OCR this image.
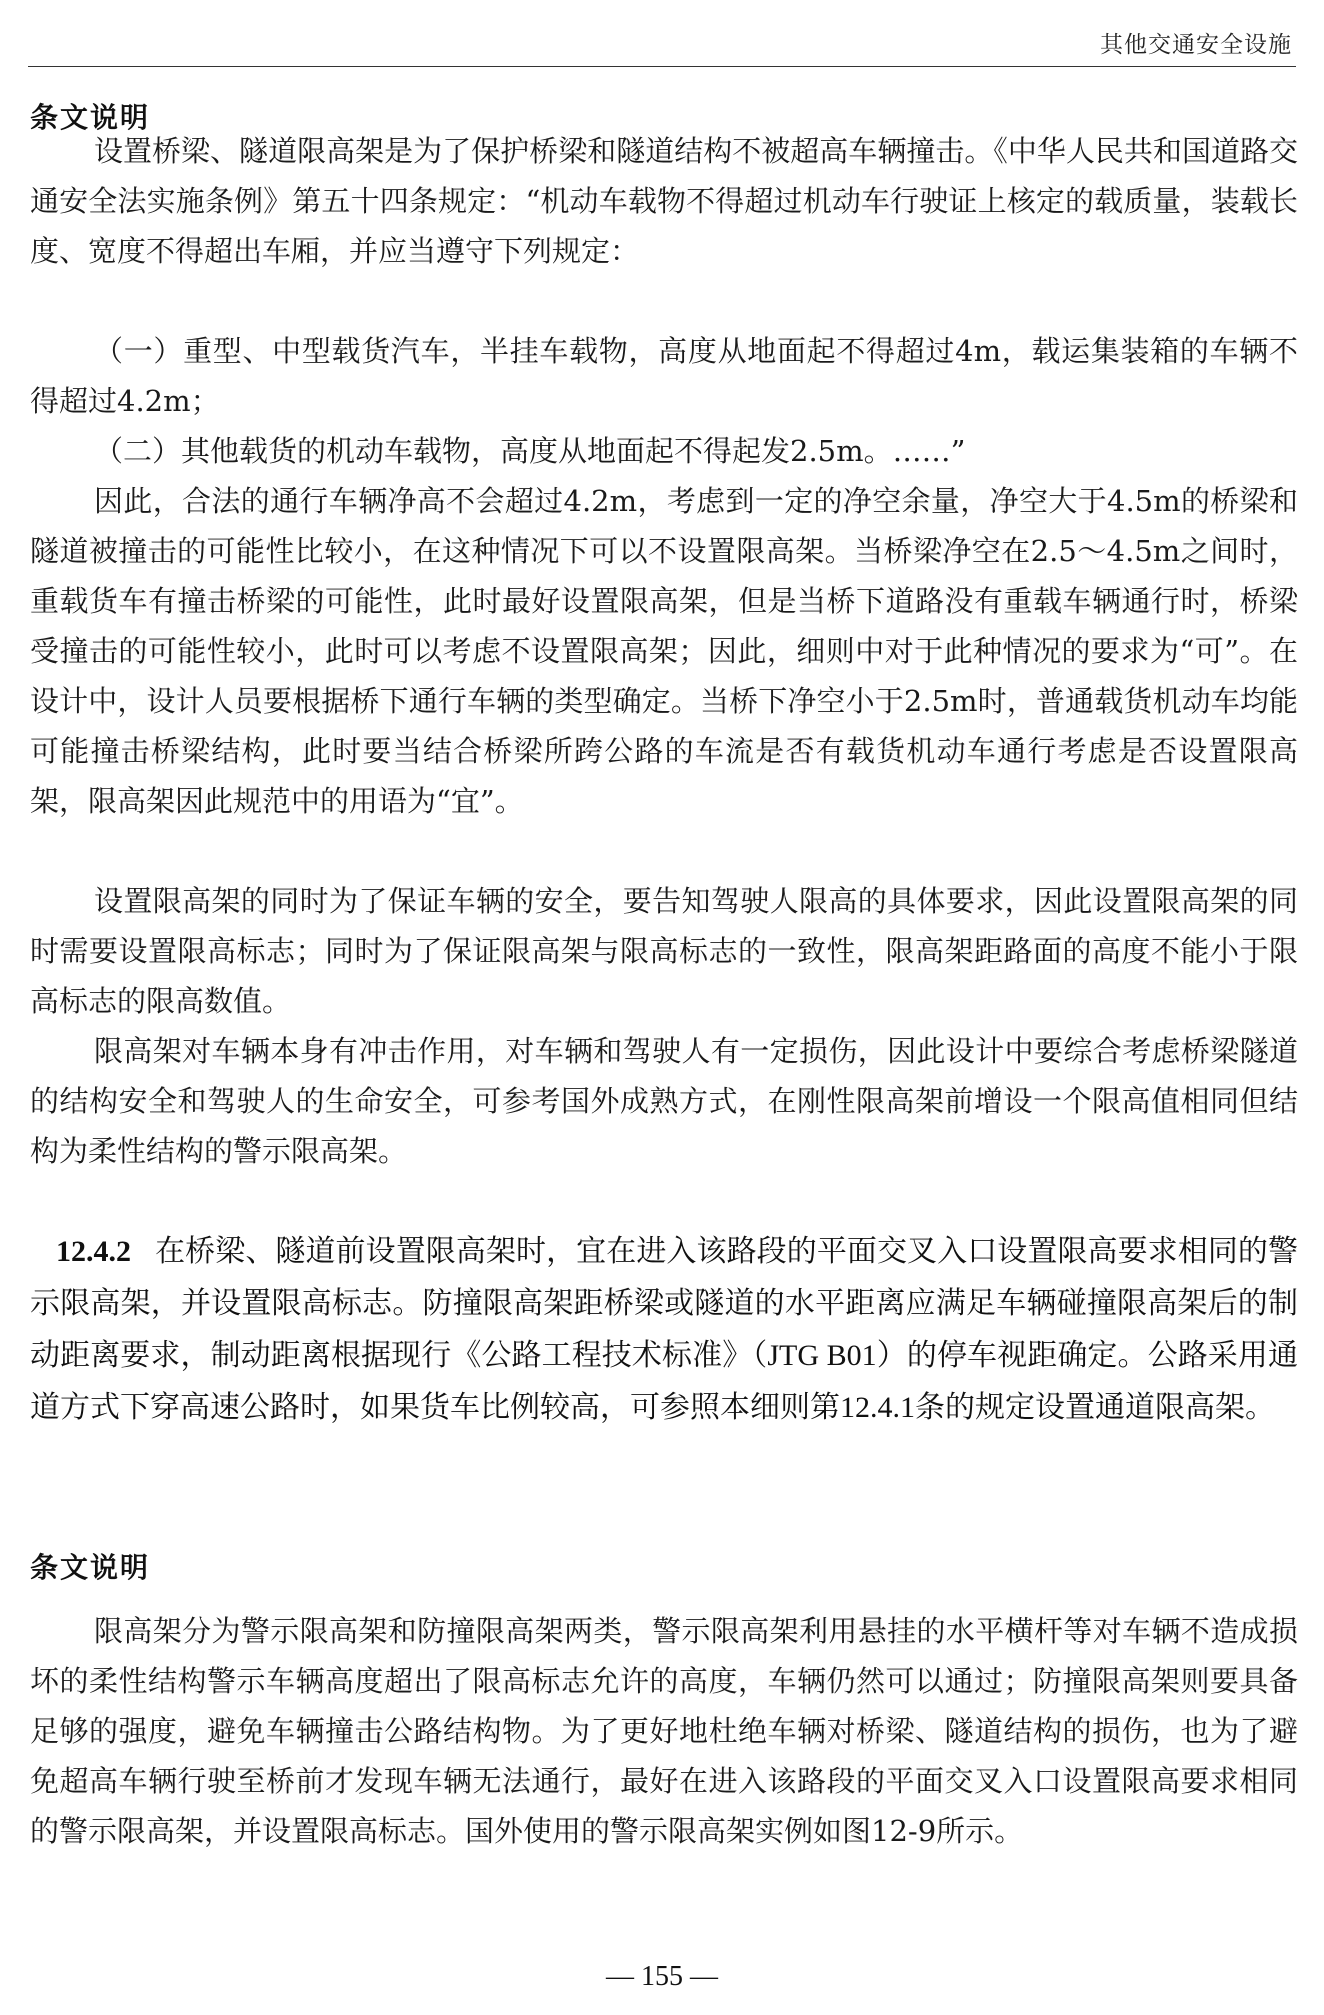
其他交通安全设施
条文说明

设置桥梁、隧道限高架是为了保护桥梁和隧道结构不被超高车辆撞击。《中华人民共和国道路交通安全法实施条例》第五十四条规定：“机动车载物不得超过机动车行驶证上核定的载质量，装载长度、宽度不得超出车厢，并应当遵守下列规定：

（一）重型、中型载货汽车，半挂车载物，高度从地面起不得超过4m，载运集装箱的车辆不得超过4.2m；

（二）其他载货的机动车载物，高度从地面起不得起发2.5m。……”

因此，合法的通行车辆净高不会超过4.2m，考虑到一定的净空余量，净空大于4.5m的桥梁和隧道被撞击的可能性比较小，在这种情况下可以不设置限高架。当桥梁净空在2.5～4.5m之间时，重载货车有撞击桥梁的可能性，此时最好设置限高架，但是当桥下道路没有重载车辆通行时，桥梁受撞击的可能性较小，此时可以考虑不设置限高架；因此，细则中对于此种情况的要求为“可”。在设计中，设计人员要根据桥下通行车辆的类型确定。当桥下净空小于2.5m时，普通载货机动车均能可能撞击桥梁结构，此时要当结合桥梁所跨公路的车流是否有载货机动车通行考虑是否设置限高架，限高架因此规范中的用语为“宜”。

设置限高架的同时为了保证车辆的安全，要告知驾驶人限高的具体要求，因此设置限高架的同时需要设置限高标志；同时为了保证限高架与限高标志的一致性，限高架距路面的高度不能小于限高标志的限高数值。

限高架对车辆本身有冲击作用，对车辆和驾驶人有一定损伤，因此设计中要综合考虑桥梁隧道的结构安全和驾驶人的生命安全，可参考国外成熟方式，在刚性限高架前增设一个限高值相同但结构为柔性结构的警示限高架。

12.4.2 在桥梁、隧道前设置限高架时，宜在进入该路段的平面交叉入口设置限高要求相同的警示限高架，并设置限高标志。防撞限高架距桥梁或隧道的水平距离应满足车辆碰撞限高架后的制动距离要求，制动距离根据现行《公路工程技术标准》（JTG B01）的停车视距确定。公路采用通道方式下穿高速公路时，如果货车比例较高，可参照本细则第12.4.1条的规定设置通道限高架。

条文说明

限高架分为警示限高架和防撞限高架两类，警示限高架利用悬挂的水平横杆等对车辆不造成损坏的柔性结构警示车辆高度超出了限高标志允许的高度，车辆仍然可以通过；防撞限高架则要具备足够的强度，避免车辆撞击公路结构物。为了更好地杜绝车辆对桥梁、隧道结构的损伤，也为了避免超高车辆行驶至桥前才发现车辆无法通行，最好在进入该路段的平面交叉入口设置限高要求相同的警示限高架，并设置限高标志。国外使用的警示限高架实例如图12-9所示。

— 155 —
